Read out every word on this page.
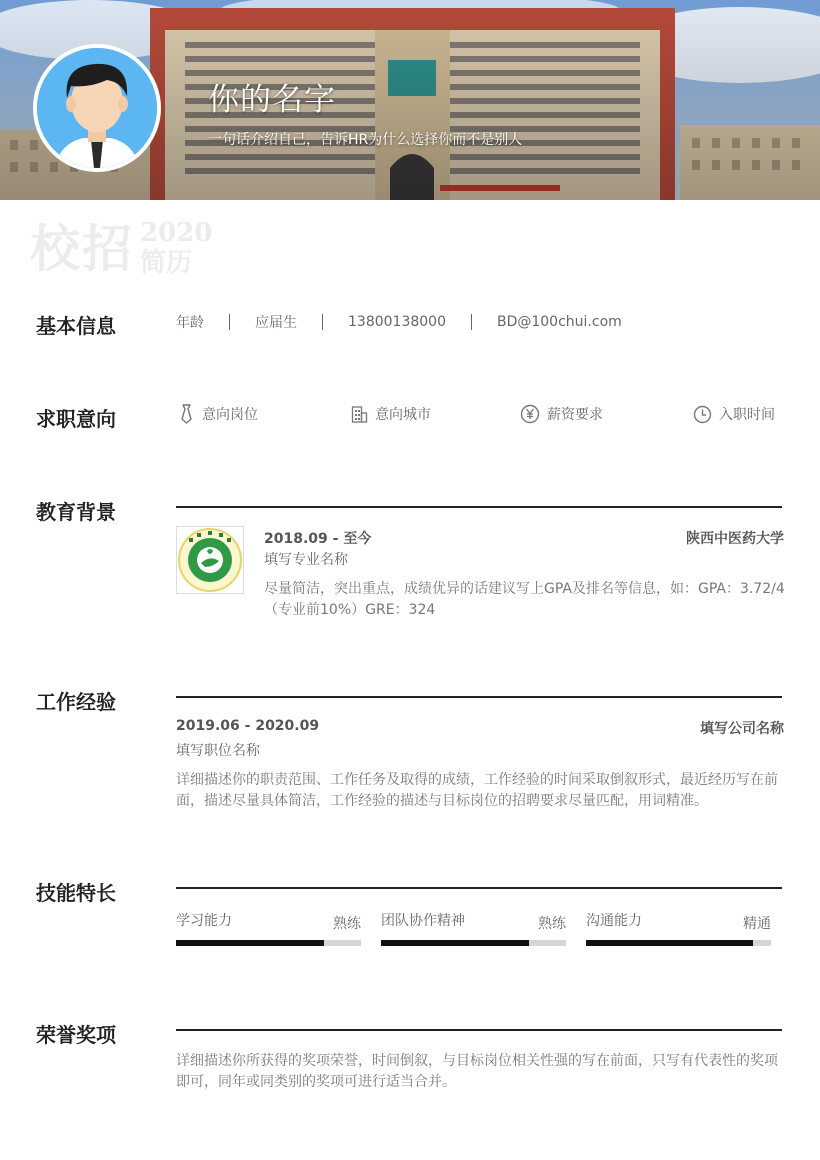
你的名字
一句话介绍自己，告诉HR为什么选择你而不是别人
校招 2020
简历
基本信息	年龄	应届生	13800138000	BD@100chui.com
求职意向	意向岗位	意向城市	薪资要求	入职时间
教育背景
2018.09 - 至今	陕西中医药大学
填写专业名称
尽量简洁，突出重点，成绩优异的话建议写上GPA及排名等信息，如：GPA：3.72/4（专业前10%）GRE：324
工作经验
2019.06 - 2020.09	填写公司名称
填写职位名称
详细描述你的职责范围、工作任务及取得的成绩，工作经验的时间采取倒叙形式，最近经历写在前面，描述尽量具体简洁，工作经验的描述与目标岗位的招聘要求尽量匹配，用词精准。
技能特长
学习能力	熟练 团队协作精神	熟练 沟通能力	精通
荣誉奖项
详细描述你所获得的奖项荣誉，时间倒叙，与目标岗位相关性强的写在前面，只写有代表性的奖项即可，同年或同类别的奖项可进行适当合并。
